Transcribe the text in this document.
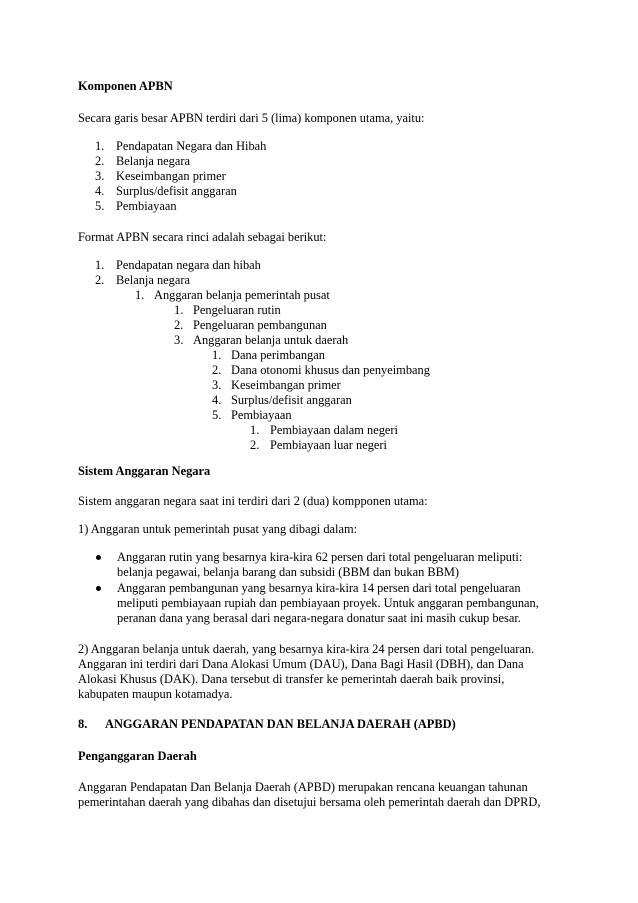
Komponen APBN
Secara garis besar APBN terdiri dari 5 (lima) komponen utama, yaitu:
1. Pendapatan Negara dan Hibah
2. Belanja negara
3. Keseimbangan primer
4. Surplus/defisit anggaran
5. Pembiayaan
Format APBN secara rinci adalah sebagai berikut:
1. Pendapatan negara dan hibah
2. Belanja negara
1. Anggaran belanja pemerintah pusat
1. Pengeluaran rutin
2. Pengeluaran pembangunan
3. Anggaran belanja untuk daerah
1. Dana perimbangan
2. Dana otonomi khusus dan penyeimbang
3. Keseimbangan primer
4. Surplus/defisit anggaran
5. Pembiayaan
1. Pembiayaan dalam negeri
2. Pembiayaan luar negeri
Sistem Anggaran Negara
Sistem anggaran negara saat ini terdiri dari 2 (dua) kompponen utama:
1) Anggaran untuk pemerintah pusat yang dibagi dalam:
Anggaran rutin yang besarnya kira-kira 62 persen dari total pengeluaran meliputi:
belanja pegawai, belanja barang dan subsidi (BBM dan bukan BBM)
Anggaran pembangunan yang besarnya kira-kira 14 persen dari total pengeluaran
meliputi pembiayaan rupiah dan pembiayaan proyek. Untuk anggaran pembangunan,
peranan dana yang berasal dari negara-negara donatur saat ini masih cukup besar.
2) Anggaran belanja untuk daerah, yang besarnya kira-kira 24 persen dari total pengeluaran.
Anggaran ini terdiri dari Dana Alokasi Umum (DAU), Dana Bagi Hasil (DBH), dan Dana
Alokasi Khusus (DAK). Dana tersebut di transfer ke pemerintah daerah baik provinsi,
kabupaten maupun kotamadya.
8. ANGGARAN PENDAPATAN DAN BELANJA DAERAH (APBD)
Penganggaran Daerah
Anggaran Pendapatan Dan Belanja Daerah (APBD) merupakan rencana keuangan tahunan
pemerintahan daerah yang dibahas dan disetujui bersama oleh pemerintah daerah dan DPRD,
